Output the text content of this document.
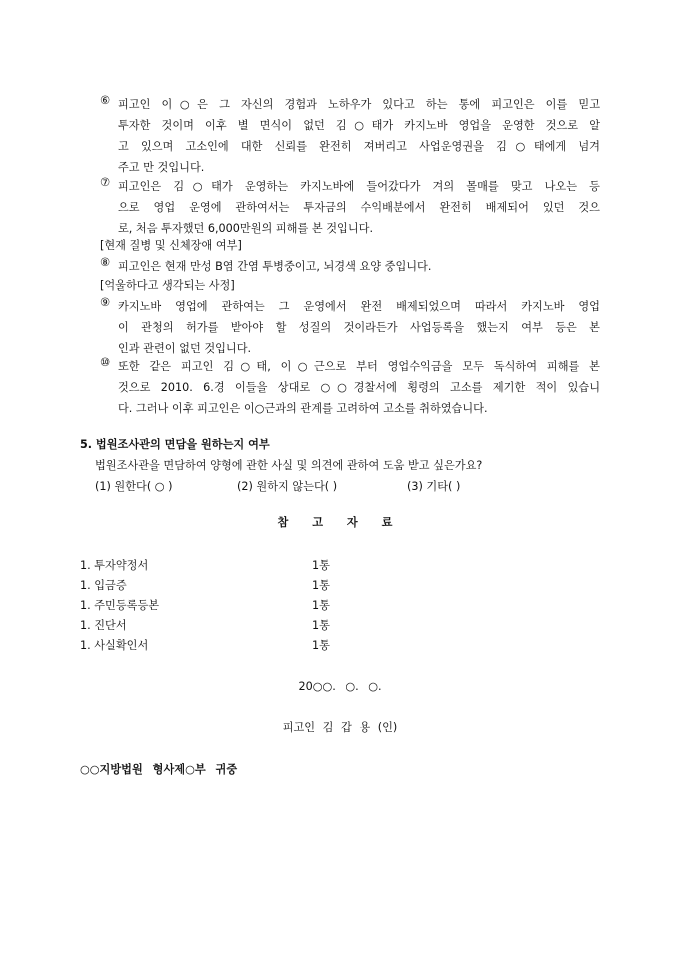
⑥ 피고인 이○은 그 자신의 경험과 노하우가 있다고 하는 통에 피고인은 이를 믿고
투자한 것이며 이후 별 면식이 없던 김○태가 카지노바 영업을 운영한 것으로 알
고 있으며 고소인에 대한 신뢰를 완전히 져버리고 사업운영권을 김○태에게 넘겨
주고 만 것입니다.
⑦ 피고인은 김○태가 운영하는 카지노바에 들어갔다가 겨의 몰매를 맞고 나오는 등
으로 영업 운영에 관하여서는 투자금의 수익배분에서 완전히 배제되어 있던 것으
로, 처음 투자했던 6,000만원의 피해를 본 것입니다.
[현재 질병 및 신체장애 여부]
⑧ 피고인은 현재 만성 B염 간염 투병중이고, 뇌경색 요양 중입니다.
[억울하다고 생각되는 사정]
⑨ 카지노바 영업에 관하여는 그 운영에서 완전 배제되었으며 따라서 카지노바 영업
이 관청의 허가를 받아야 할 성질의 것이라든가 사업등록을 했는지 여부 등은 본
인과 관련이 없던 것입니다.
⑩ 또한 같은 피고인 김○태, 이○근으로 부터 영업수익금을 모두 독식하여 피해를 본
것으로 2010. 6.경 이들을 상대로 ○○경찰서에 횡령의 고소를 제기한 적이 있습니
다. 그러나 이후 피고인은 이○근과의 관계를 고려하여 고소를 취하였습니다.
5. 법원조사관의 면담을 원하는지 여부
법원조사관을 면담하여 양형에 관한 사실 및 의견에 관하여 도움 받고 싶은가요?
(1) 원한다( ○ )	(2) 원하지 않는다( )	(3) 기타( )
참 고 자 료
1. 투자약정서	1통
1. 입금증	1통
1. 주민등록등본	1통
1. 진단서	1통
1. 사실확인서	1통
20○○. ○. ○.
피고인 김 갑 용 (인)
○○지방법원 형사제○부 귀중
